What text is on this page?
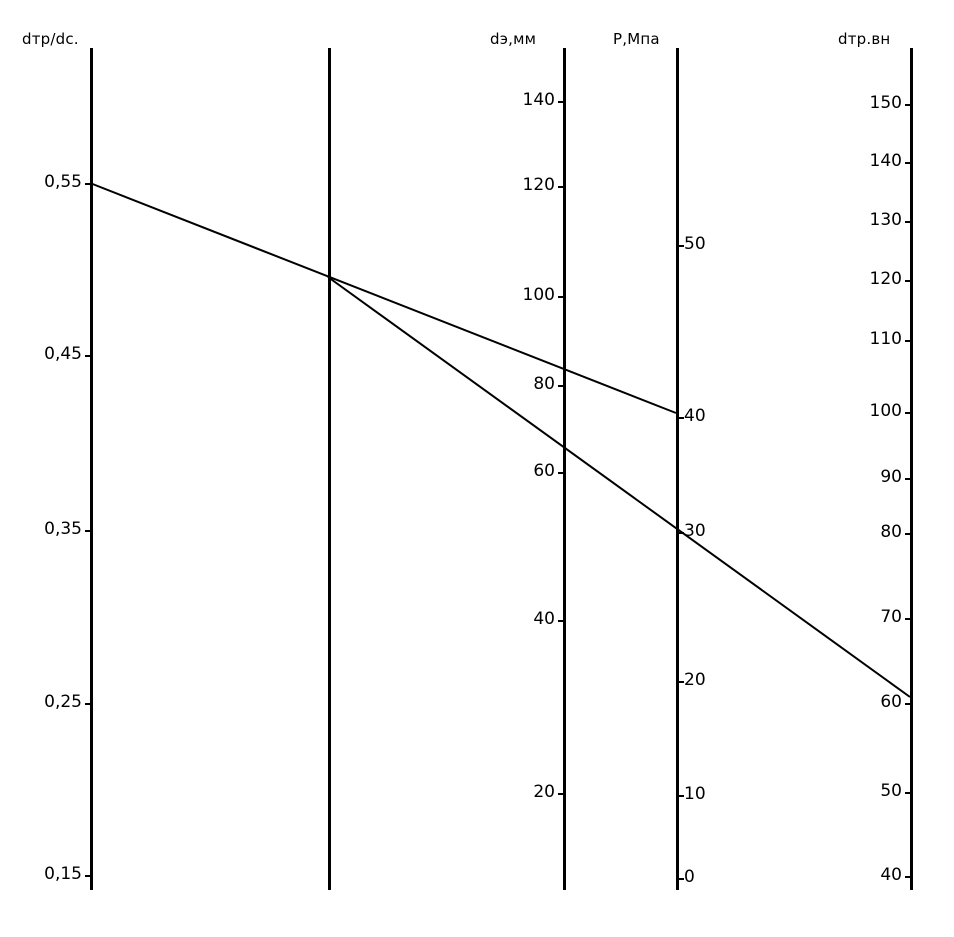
dтр/dc.
0,55
0,45
0,35
0,25
0,15
dэ,мм
140
120
100
80
60
40
20
P,Мпа
50
40
30
20
10
0
dтр.вн
150
140
130
120
110
100
90
80
70
60
50
40
